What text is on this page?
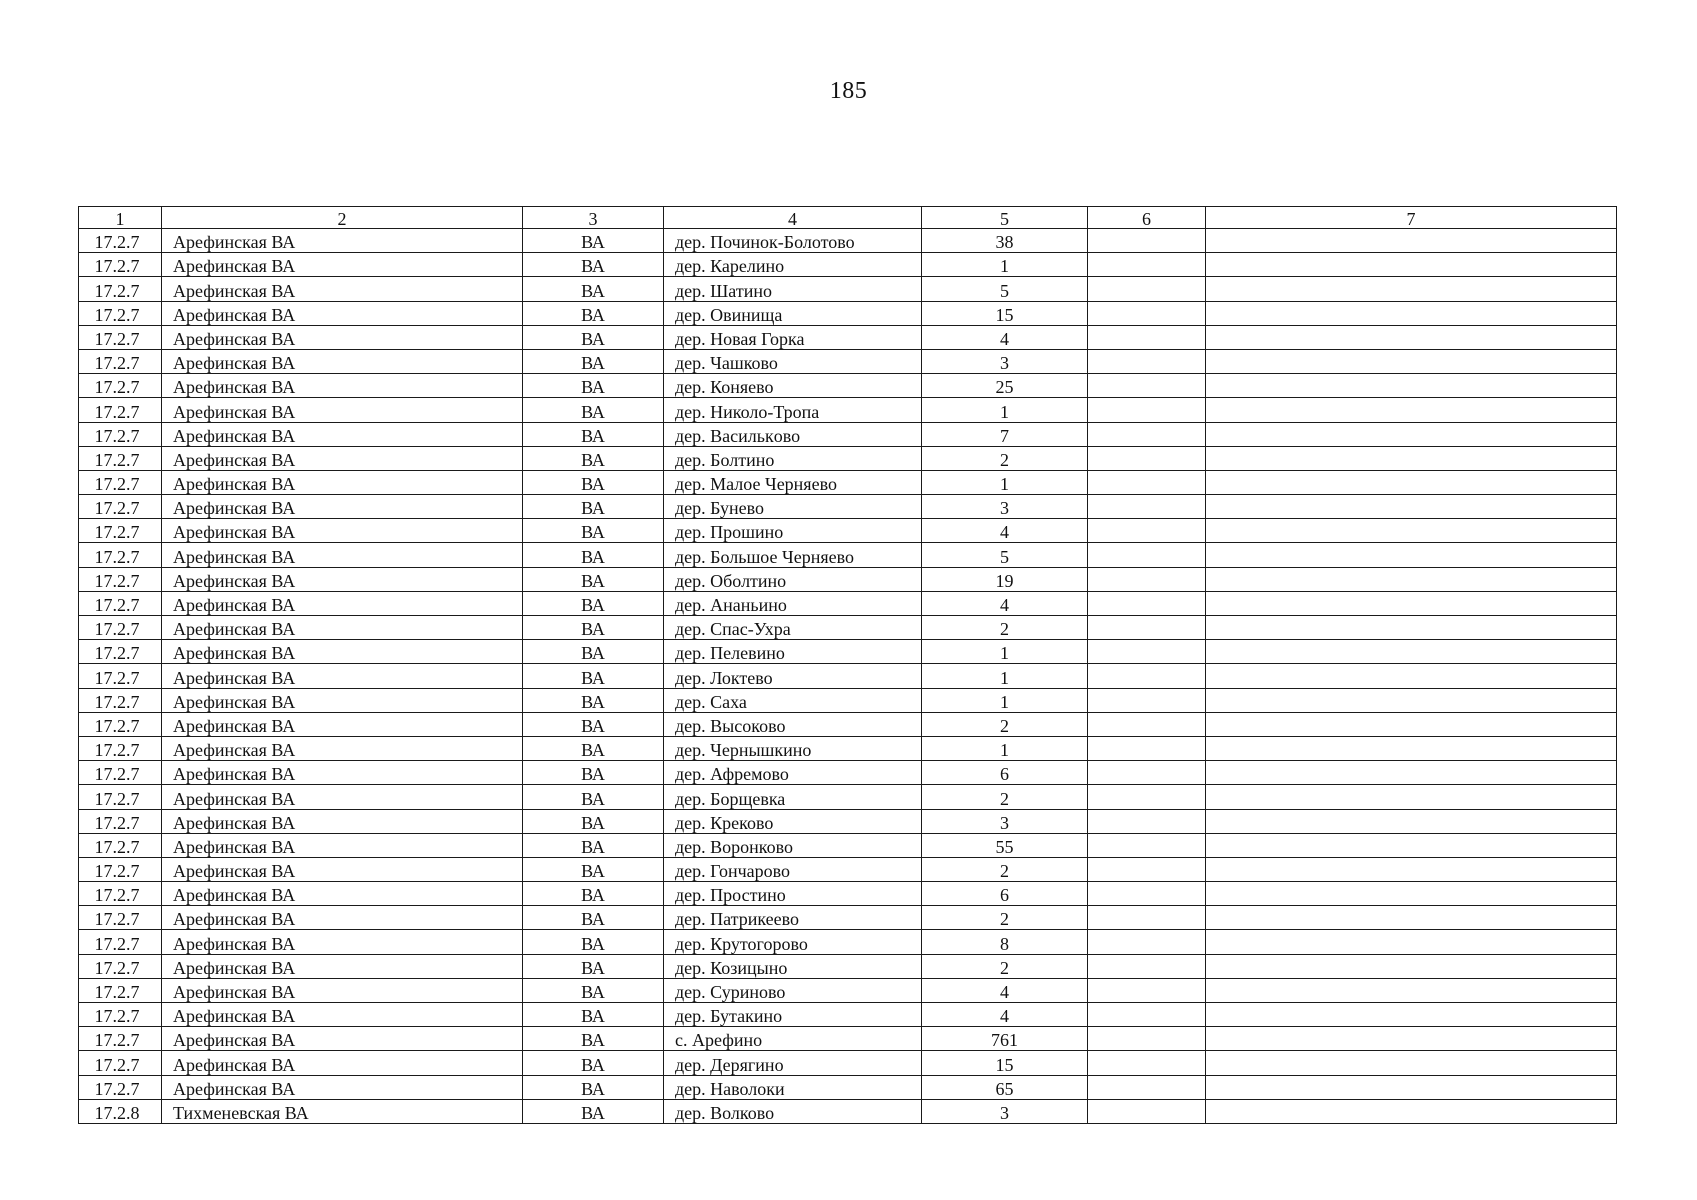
185
1	2	3	4	5	6	7
17.2.7	Арефинская ВА	ВА	дер. Починок-Болотово	38		
17.2.7	Арефинская ВА	ВА	дер. Карелино	1		
17.2.7	Арефинская ВА	ВА	дер. Шатино	5		
17.2.7	Арефинская ВА	ВА	дер. Овинища	15		
17.2.7	Арефинская ВА	ВА	дер. Новая Горка	4		
17.2.7	Арефинская ВА	ВА	дер. Чашково	3		
17.2.7	Арефинская ВА	ВА	дер. Коняево	25		
17.2.7	Арефинская ВА	ВА	дер. Николо-Тропа	1		
17.2.7	Арефинская ВА	ВА	дер. Василькoво	7		
17.2.7	Арефинская ВА	ВА	дер. Болтино	2		
17.2.7	Арефинская ВА	ВА	дер. Малое Черняево	1		
17.2.7	Арефинская ВА	ВА	дер. Бунево	3		
17.2.7	Арефинская ВА	ВА	дер. Прошино	4		
17.2.7	Арефинская ВА	ВА	дер. Большое Черняево	5		
17.2.7	Арефинская ВА	ВА	дер. Оболтино	19		
17.2.7	Арефинская ВА	ВА	дер. Ананьино	4		
17.2.7	Арефинская ВА	ВА	дер. Спас-Ухра	2		
17.2.7	Арефинская ВА	ВА	дер. Пелевино	1		
17.2.7	Арефинская ВА	ВА	дер. Локтево	1		
17.2.7	Арефинская ВА	ВА	дер. Саха	1		
17.2.7	Арефинская ВА	ВА	дер. Высоково	2		
17.2.7	Арефинская ВА	ВА	дер. Чернышкино	1		
17.2.7	Арефинская ВА	ВА	дер. Афремово	6		
17.2.7	Арефинская ВА	ВА	дер. Борщевка	2		
17.2.7	Арефинская ВА	ВА	дер. Креково	3		
17.2.7	Арефинская ВА	ВА	дер. Воронково	55		
17.2.7	Арефинская ВА	ВА	дер. Гончарово	2		
17.2.7	Арефинская ВА	ВА	дер. Простино	6		
17.2.7	Арефинская ВА	ВА	дер. Патрикеево	2		
17.2.7	Арефинская ВА	ВА	дер. Крутогорово	8		
17.2.7	Арефинская ВА	ВА	дер. Козицыно	2		
17.2.7	Арефинская ВА	ВА	дер. Суриново	4		
17.2.7	Арефинская ВА	ВА	дер. Бутакино	4		
17.2.7	Арефинская ВА	ВА	с. Арефино	761		
17.2.7	Арефинская ВА	ВА	дер. Дерягино	15		
17.2.7	Арефинская ВА	ВА	дер. Наволоки	65		
17.2.8	Тихменевская ВА	ВА	дер. Волково	3		
